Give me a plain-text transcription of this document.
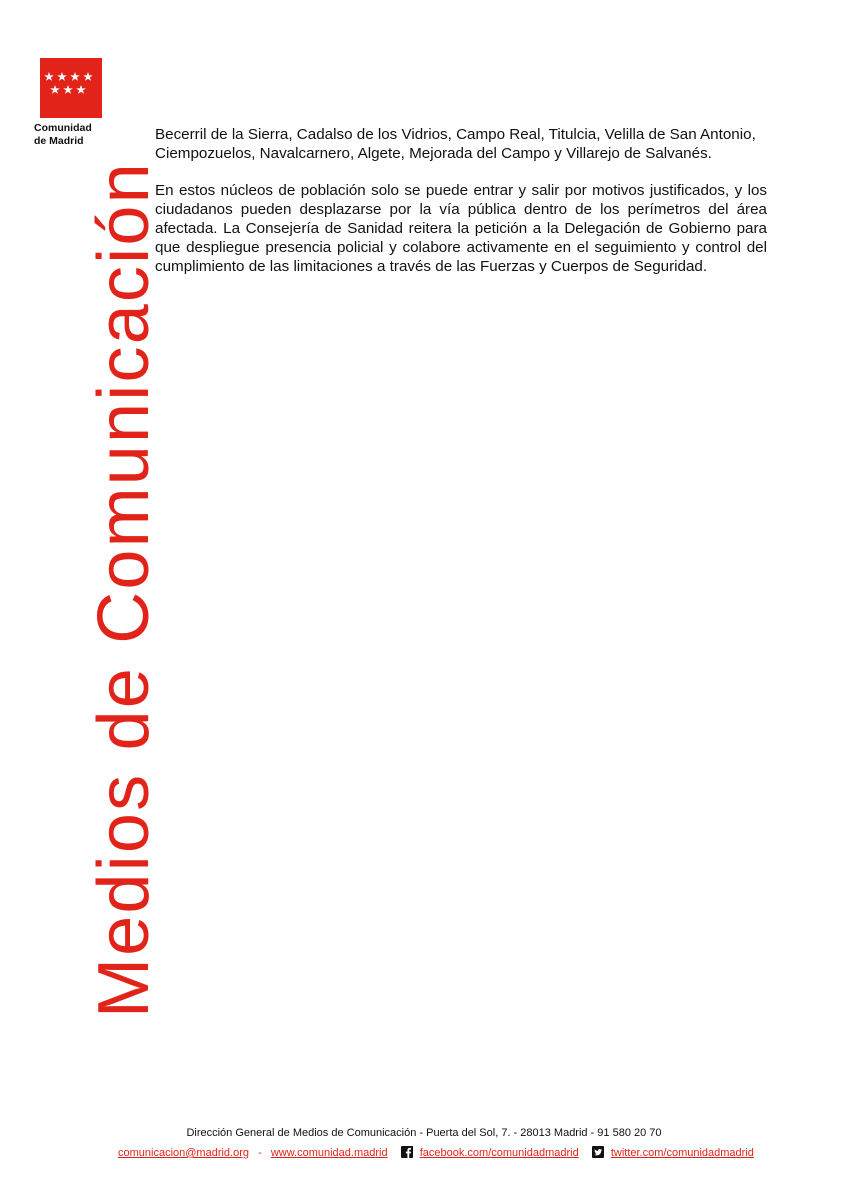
Comunidad
de Madrid
Medios de Comunicación

Becerril de la Sierra, Cadalso de los Vidrios, Campo Real, Titulcia, Velilla de San Antonio, Ciempozuelos, Navalcarnero, Algete, Mejorada del Campo y Villarejo de Salvanés.

En estos núcleos de población solo se puede entrar y salir por motivos justificados, y los ciudadanos pueden desplazarse por la vía pública dentro de los perímetros del área afectada. La Consejería de Sanidad reitera la petición a la Delegación de Gobierno para que despliegue presencia policial y colabore activamente en el seguimiento y control del cumplimiento de las limitaciones a través de las Fuerzas y Cuerpos de Seguridad.

Dirección General de Medios de Comunicación - Puerta del Sol, 7. - 28013 Madrid - 91 580 20 70
comunicacion@madrid.org - www.comunidad.madrid	facebook.com/comunidadmadrid	twitter.com/comunidadmadrid
